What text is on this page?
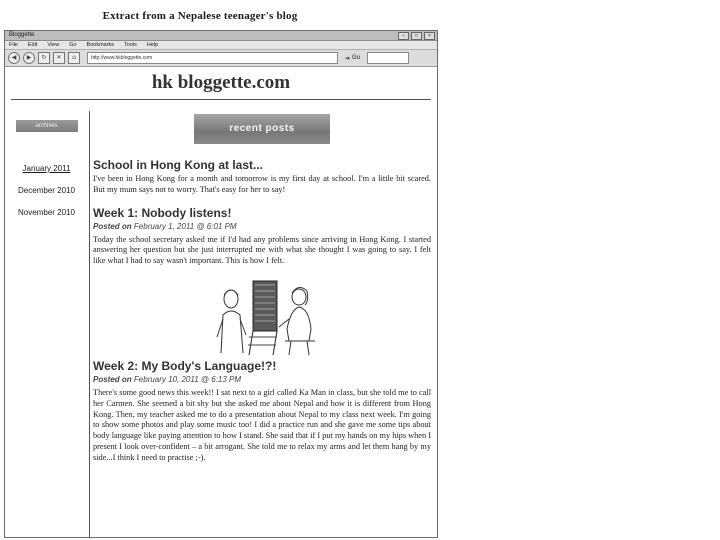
Extract from a Nepalese teenager's blog
Bloggette	–	□	×
File Edit View Go Bookmarks Tools Help
◀	▶	↻	✕	⌂	http://www.hkbloggette.com	➜ Go
hk bloggette.com
archives
January 2011
December 2010
November 2010
recent posts
School in Hong Kong at last...
I've been in Hong Kong for a month and tomorrow is my first day at school. I'm a little bit scared. But my mum says not to worry. That's easy for her to say!
Week 1: Nobody listens!
Posted on February 1, 2011 @ 6:01 PM
Today the school secretary asked me if I'd had any problems since arriving in Hong Kong. I started answering her question but she just interrupted me with what she thought I was going to say. I felt like what I had to say wasn't important. This is how I felt.
Week 2: My Body's Language!?!
Posted on February 10, 2011 @ 6:13 PM
There's some good news this week!! I sat next to a girl called Ka Man in class, but she told me to call her Carmen. She seemed a bit shy but she asked me about Nepal and how it is different from Hong Kong. Then, my teacher asked me to do a presentation about Nepal to my class next week. I'm going to show some photos and play some music too! I did a practice run and she gave me some tips about body language like paying attention to how I stand. She said that if I put my hands on my hips when I present I look over-confident – a bit arrogant. She told me to relax my arms and let them hang by my side...I think I need to practise ;-).
